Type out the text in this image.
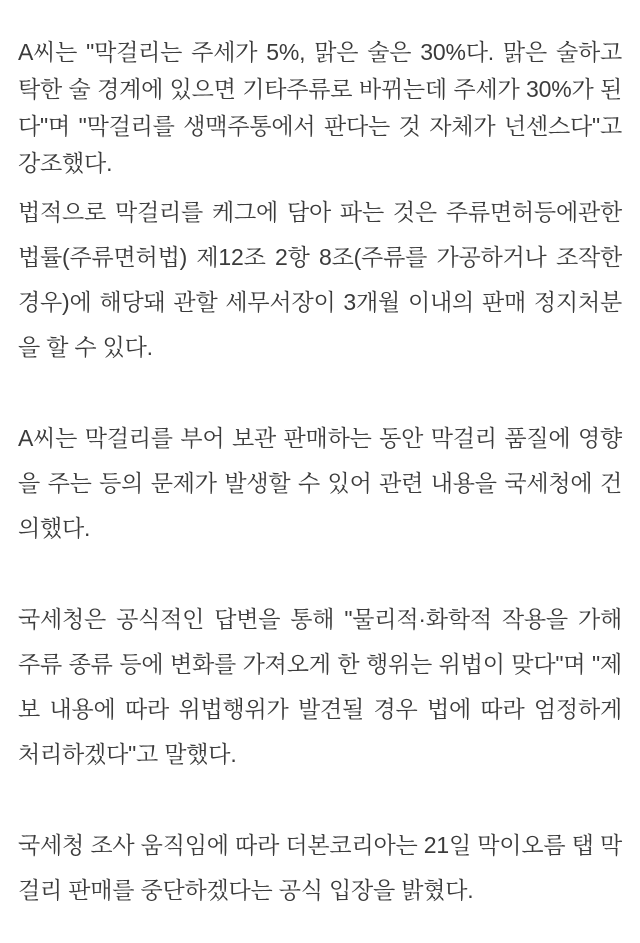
A씨는 "막걸리는 주세가 5%, 맑은 술은 30%다. 맑은 술하고 탁한 술 경계에 있으면 기타주류로 바뀌는데 주세가 30%가 된다"며 "막걸리를 생맥주통에서 판다는 것 자체가 넌센스다"고 강조했다.

법적으로 막걸리를 케그에 담아 파는 것은 주류면허등에관한 법률(주류면허법) 제12조 2항 8조(주류를 가공하거나 조작한 경우)에 해당돼 관할 세무서장이 3개월 이내의 판매 정지처분을 할 수 있다.

A씨는 막걸리를 부어 보관 판매하는 동안 막걸리 품질에 영향을 주는 등의 문제가 발생할 수 있어 관련 내용을 국세청에 건의했다.

국세청은 공식적인 답변을 통해 "물리적·화학적 작용을 가해 주류 종류 등에 변화를 가져오게 한 행위는 위법이 맞다"며 "제보 내용에 따라 위법행위가 발견될 경우 법에 따라 엄정하게 처리하겠다"고 말했다.

국세청 조사 움직임에 따라 더본코리아는 21일 막이오름 탭 막걸리 판매를 중단하겠다는 공식 입장을 밝혔다.
